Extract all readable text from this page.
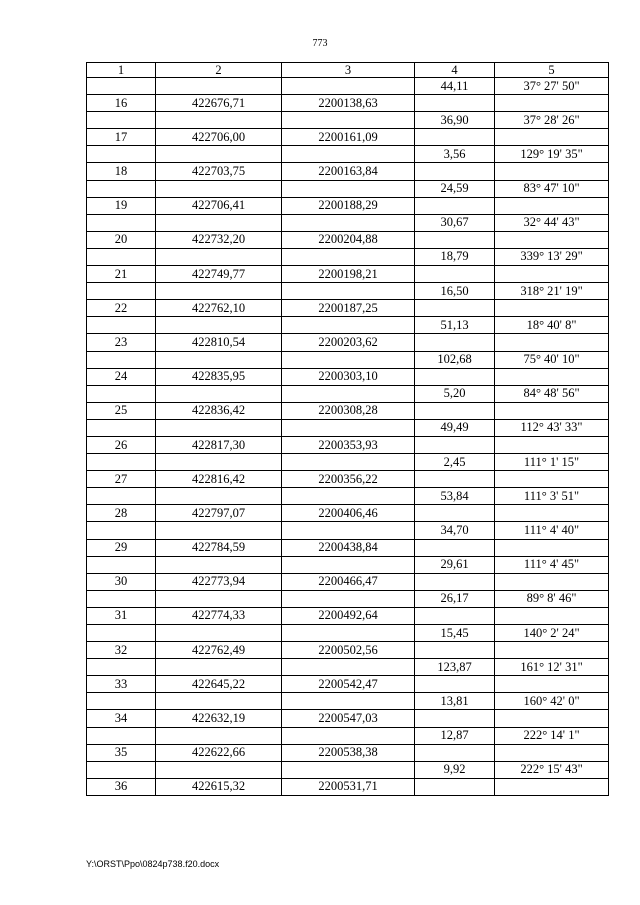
773
1	2	3	4	5
			44,11	37° 27' 50"
16	422676,71	2200138,63		
			36,90	37° 28' 26"
17	422706,00	2200161,09		
			3,56	129° 19' 35"
18	422703,75	2200163,84		
			24,59	83° 47' 10"
19	422706,41	2200188,29		
			30,67	32° 44' 43"
20	422732,20	2200204,88		
			18,79	339° 13' 29"
21	422749,77	2200198,21		
			16,50	318° 21' 19"
22	422762,10	2200187,25		
			51,13	18° 40' 8"
23	422810,54	2200203,62		
			102,68	75° 40' 10"
24	422835,95	2200303,10		
			5,20	84° 48' 56"
25	422836,42	2200308,28		
			49,49	112° 43' 33"
26	422817,30	2200353,93		
			2,45	111° 1' 15"
27	422816,42	2200356,22		
			53,84	111° 3' 51"
28	422797,07	2200406,46		
			34,70	111° 4' 40"
29	422784,59	2200438,84		
			29,61	111° 4' 45"
30	422773,94	2200466,47		
			26,17	89° 8' 46"
31	422774,33	2200492,64		
			15,45	140° 2' 24"
32	422762,49	2200502,56		
			123,87	161° 12' 31"
33	422645,22	2200542,47		
			13,81	160° 42' 0"
34	422632,19	2200547,03		
			12,87	222° 14' 1"
35	422622,66	2200538,38		
			9,92	222° 15' 43"
36	422615,32	2200531,71		
Y:\ORST\Ppo\0824p738.f20.docx
